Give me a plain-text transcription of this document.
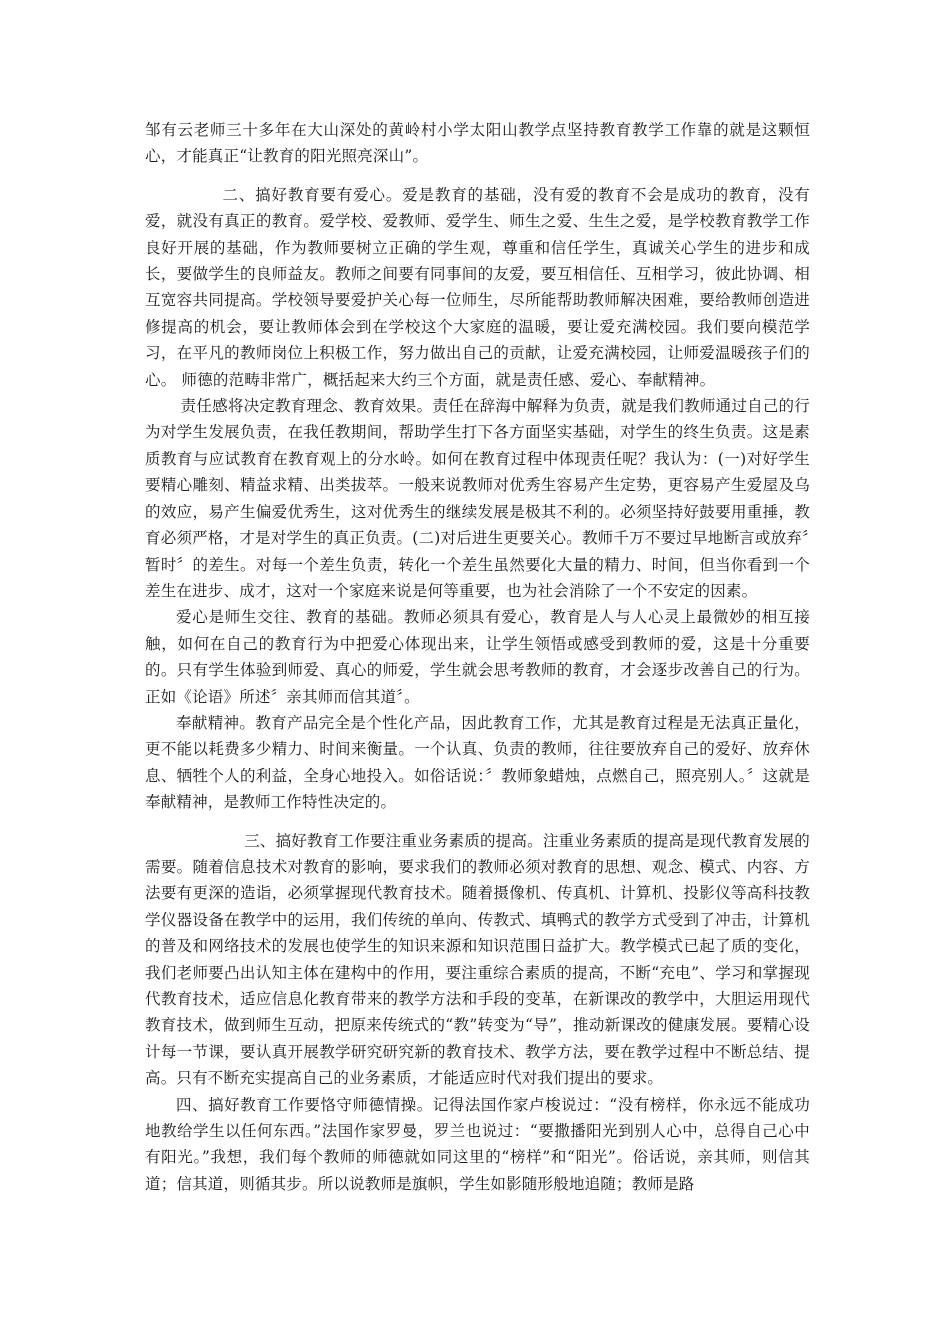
邹有云老师三十多年在大山深处的黄岭村小学太阳山教学点坚持教育教学工作靠的就是这颗恒心，才能真正“让教育的阳光照亮深山”。

二、搞好教育要有爱心。爱是教育的基础，没有爱的教育不会是成功的教育，没有爱，就没有真正的教育。爱学校、爱教师、爱学生、师生之爱、生生之爱，是学校教育教学工作良好开展的基础，作为教师要树立正确的学生观，尊重和信任学生，真诚关心学生的进步和成长，要做学生的良师益友。教师之间要有同事间的友爱，要互相信任、互相学习，彼此协调、相互宽容共同提高。学校领导要爱护关心每一位师生，尽所能帮助教师解决困难，要给教师创造进修提高的机会，要让教师体会到在学校这个大家庭的温暖，要让爱充满校园。我们要向模范学习，在平凡的教师岗位上积极工作，努力做出自己的贡献，让爱充满校园，让师爱温暖孩子们的心。 师德的范畴非常广，概括起来大约三个方面，就是责任感、爱心、奉献精神。

责任感将决定教育理念、教育效果。责任在辞海中解释为负责，就是我们教师通过自己的行为对学生发展负责，在我任教期间，帮助学生打下各方面坚实基础，对学生的终生负责。这是素质教育与应试教育在教育观上的分水岭。如何在教育过程中体现责任呢？我认为：(一)对好学生要精心雕刻、精益求精、出类拔萃。一般来说教师对优秀生容易产生定势，更容易产生爱屋及乌的效应，易产生偏爱优秀生，这对优秀生的继续发展是极其不利的。必须坚持好鼓要用重捶，教育必须严格，才是对学生的真正负责。(二)对后进生更要关心。教师千万不要过早地断言或放弃〞暂时〞的差生。对每一个差生负责，转化一个差生虽然要化大量的精力、时间，但当你看到一个差生在进步、成才，这对一个家庭来说是何等重要，也为社会消除了一个不安定的因素。

爱心是师生交往、教育的基础。教师必须具有爱心，教育是人与人心灵上最微妙的相互接触，如何在自己的教育行为中把爱心体现出来，让学生领悟或感受到教师的爱，这是十分重要的。只有学生体验到师爱、真心的师爱，学生就会思考教师的教育，才会逐步改善自己的行为。正如《论语》所述〞亲其师而信其道〞。

奉献精神。教育产品完全是个性化产品，因此教育工作，尤其是教育过程是无法真正量化，更不能以耗费多少精力、时间来衡量。一个认真、负责的教师，往往要放弃自己的爱好、放弃休息、牺牲个人的利益，全身心地投入。如俗话说：〞教师象蜡烛，点燃自己，照亮别人。〞这就是奉献精神，是教师工作特性决定的。

三、搞好教育工作要注重业务素质的提高。注重业务素质的提高是现代教育发展的需要。随着信息技术对教育的影响，要求我们的教师必须对教育的思想、观念、模式、内容、方法要有更深的造诣，必须掌握现代教育技术。随着摄像机、传真机、计算机、投影仪等高科技教学仪器设备在教学中的运用，我们传统的单向、传教式、填鸭式的教学方式受到了冲击，计算机的普及和网络技术的发展也使学生的知识来源和知识范围日益扩大。教学模式已起了质的变化，我们老师要凸出认知主体在建构中的作用，要注重综合素质的提高，不断“充电”、学习和掌握现代教育技术，适应信息化教育带来的教学方法和手段的变革，在新课改的教学中，大胆运用现代教育技术，做到师生互动，把原来传统式的“教”转变为“导”，推动新课改的健康发展。要精心设计每一节课，要认真开展教学研究研究新的教育技术、教学方法，要在教学过程中不断总结、提高。只有不断充实提高自己的业务素质，才能适应时代对我们提出的要求。

四、搞好教育工作要恪守师德情操。记得法国作家卢梭说过：“没有榜样，你永远不能成功地教给学生以任何东西。”法国作家罗曼，罗兰也说过：“要撒播阳光到别人心中，总得自己心中有阳光。”我想，我们每个教师的师德就如同这里的“榜样”和“阳光”。俗话说，亲其师，则信其道；信其道，则循其步。所以说教师是旗帜，学生如影随形般地追随；教师是路
